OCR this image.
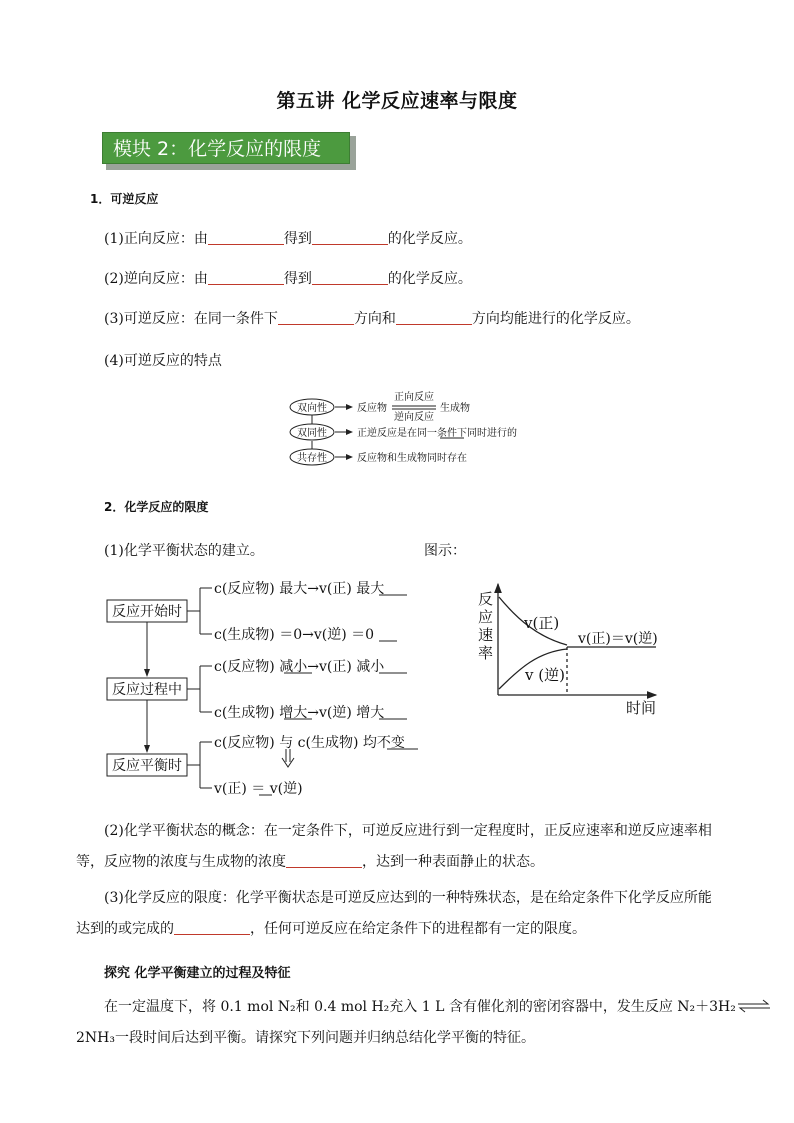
第五讲 化学反应速率与限度
模块 2：化学反应的限度
1．可逆反应
(1)正向反应：由	得到	的化学反应。
(2)逆向反应：由	得到	的化学反应。
(3)可逆反应：在同一条件下	方向和	方向均能进行的化学反应。
(4)可逆反应的特点
双向性
双同性
共存性
反应物
正向反应
逆向反应
生成物
正逆反应是在同一条件下同时进行的
反应物和生成物同时存在
2．化学反应的限度
(1)化学平衡状态的建立。	图示：
反应开始时
反应过程中
反应平衡时
c(反应物) 最大→v(正) 最大
c(生成物) ＝0→v(逆) ＝0
c(反应物) 减小→v(正) 减小
c(生成物) 增大→v(逆) 增大
c(反应物) 与 c(生成物) 均不变
v(正) ＝ v(逆)
反
应
速
率
时间
v(正)
v (逆)
v(正)＝v(逆)
(2)化学平衡状态的概念：在一定条件下，可逆反应进行到一定程度时，正反应速率和逆反应速率相等，反应物的浓度与生成物的浓度	，达到一种表面静止的状态。
(3)化学反应的限度：化学平衡状态是可逆反应达到的一种特殊状态，是在给定条件下化学反应所能达到的或完成的	，任何可逆反应在给定条件下的进程都有一定的限度。
探究 化学平衡建立的过程及特征
在一定温度下，将 0.1 mol N₂和 0.4 mol H₂充入 1 L 含有催化剂的密闭容器中，发生反应 N₂＋3H₂⇌
2NH₃一段时间后达到平衡。请探究下列问题并归纳总结化学平衡的特征。
